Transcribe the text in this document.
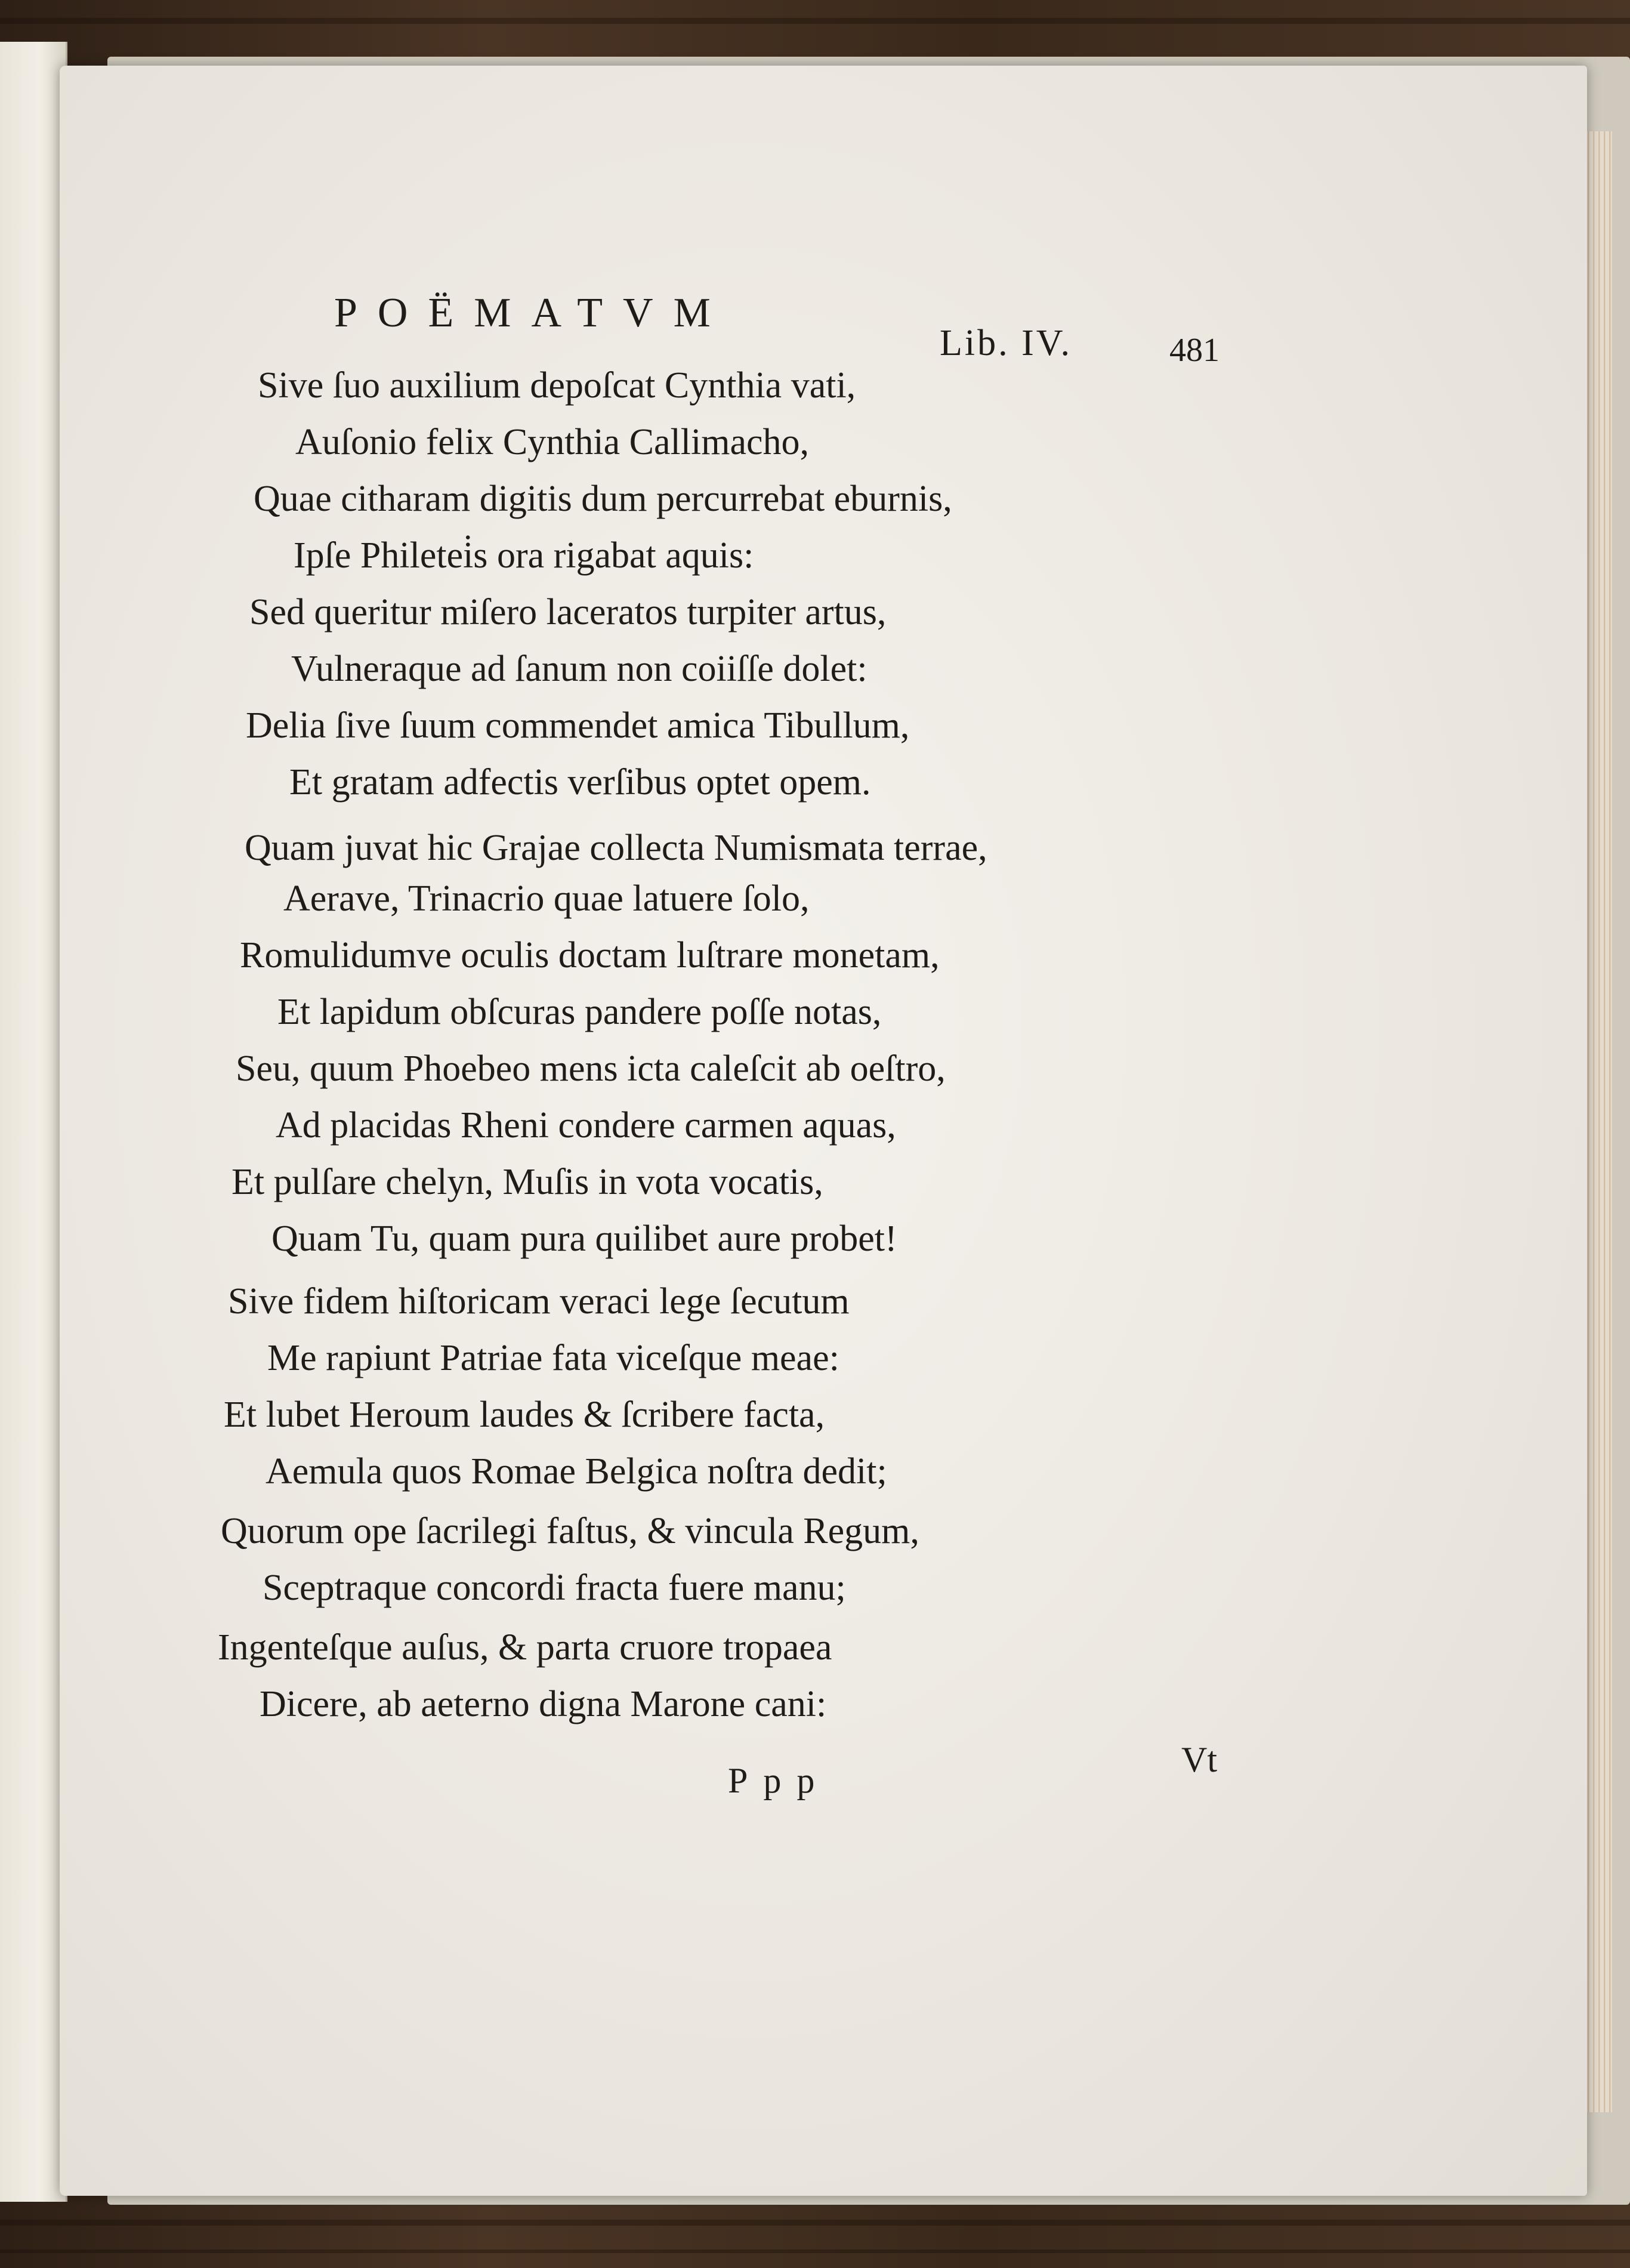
POËMATVM
Lib. IV.	481
Sive ſuo auxilium depoſcat Cynthia vati,
Auſonio felix Cynthia Callimacho,
Quae citharam digitis dum percurrebat eburnis,
Ipſe Philetei̇s ora rigabat aquis:
Sed queritur miſero laceratos turpiter artus,
Vulneraque ad ſanum non coiiſſe dolet:
Delia ſive ſuum commendet amica Tibullum,
Et gratam adfectis verſibus optet opem.
Quam juvat hic Grajae collecta Numismata terrae,
Aerave, Trinacrio quae latuere ſolo,
Romulidumve oculis doctam luſtrare monetam,
Et lapidum obſcuras pandere poſſe notas,
Seu, quum Phoebeo mens icta caleſcit ab oeſtro,
Ad placidas Rheni condere carmen aquas,
Et pulſare chelyn, Muſis in vota vocatis,
Quam Tu, quam pura quilibet aure probet!
Sive fidem hiſtoricam veraci lege ſecutum
Me rapiunt Patriae fata viceſque meae:
Et lubet Heroum laudes & ſcribere facta,
Aemula quos Romae Belgica noſtra dedit;
Quorum ope ſacrilegi faſtus, & vincula Regum,
Sceptraque concordi fracta fuere manu;
Ingenteſque auſus, & parta cruore tropaea
Dicere, ab aeterno digna Marone cani:
Ppp
Vt
